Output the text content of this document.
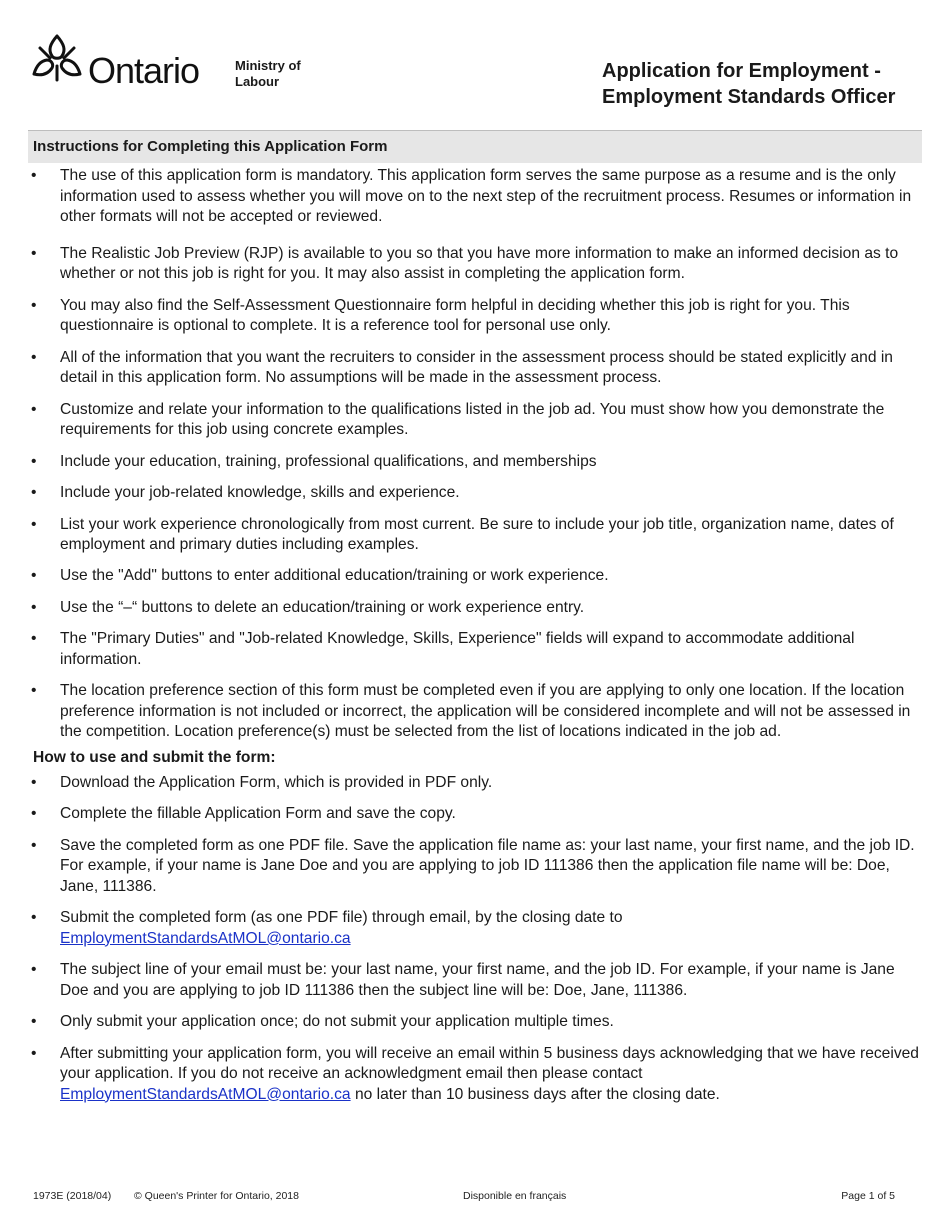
Ontario	Ministry of
Labour	Application for Employment -
Employment Standards Officer
Instructions for Completing this Application Form
• The use of this application form is mandatory. This application form serves the same purpose as a resume and is the only information used to assess whether you will move on to the next step of the recruitment process. Resumes or information in other formats will not be accepted or reviewed.
• The Realistic Job Preview (RJP) is available to you so that you have more information to make an informed decision as to whether or not this job is right for you. It may also assist in completing the application form.
• You may also find the Self-Assessment Questionnaire form helpful in deciding whether this job is right for you. This questionnaire is optional to complete. It is a reference tool for personal use only.
• All of the information that you want the recruiters to consider in the assessment process should be stated explicitly and in detail in this application form. No assumptions will be made in the assessment process.
• Customize and relate your information to the qualifications listed in the job ad. You must show how you demonstrate the requirements for this job using concrete examples.
• Include your education, training, professional qualifications, and memberships
• Include your job-related knowledge, skills and experience.
• List your work experience chronologically from most current. Be sure to include your job title, organization name, dates of employment and primary duties including examples.
• Use the "Add" buttons to enter additional education/training or work experience.
• Use the “–“ buttons to delete an education/training or work experience entry.
• The "Primary Duties" and "Job-related Knowledge, Skills, Experience" fields will expand to accommodate additional information.
• The location preference section of this form must be completed even if you are applying to only one location. If the location preference information is not included or incorrect, the application will be considered incomplete and will not be assessed in the competition. Location preference(s) must be selected from the list of locations indicated in the job ad.
How to use and submit the form:
• Download the Application Form, which is provided in PDF only.
• Complete the fillable Application Form and save the copy.
• Save the completed form as one PDF file. Save the application file name as: your last name, your first name, and the job ID. For example, if your name is Jane Doe and you are applying to job ID 111386 then the application file name will be: Doe, Jane, 111386.
• Submit the completed form (as one PDF file) through email, by the closing date to
EmploymentStandardsAtMOL@ontario.ca
• The subject line of your email must be: your last name, your first name, and the job ID. For example, if your name is Jane Doe and you are applying to job ID 111386 then the subject line will be: Doe, Jane, 111386.
• Only submit your application once; do not submit your application multiple times.
• After submitting your application form, you will receive an email within 5 business days acknowledging that we have received your application. If you do not receive an acknowledgment email then please contact EmploymentStandardsAtMOL@ontario.ca no later than 10 business days after the closing date.
1973E (2018/04) © Queen's Printer for Ontario, 2018	Disponible en français	Page 1 of 5
